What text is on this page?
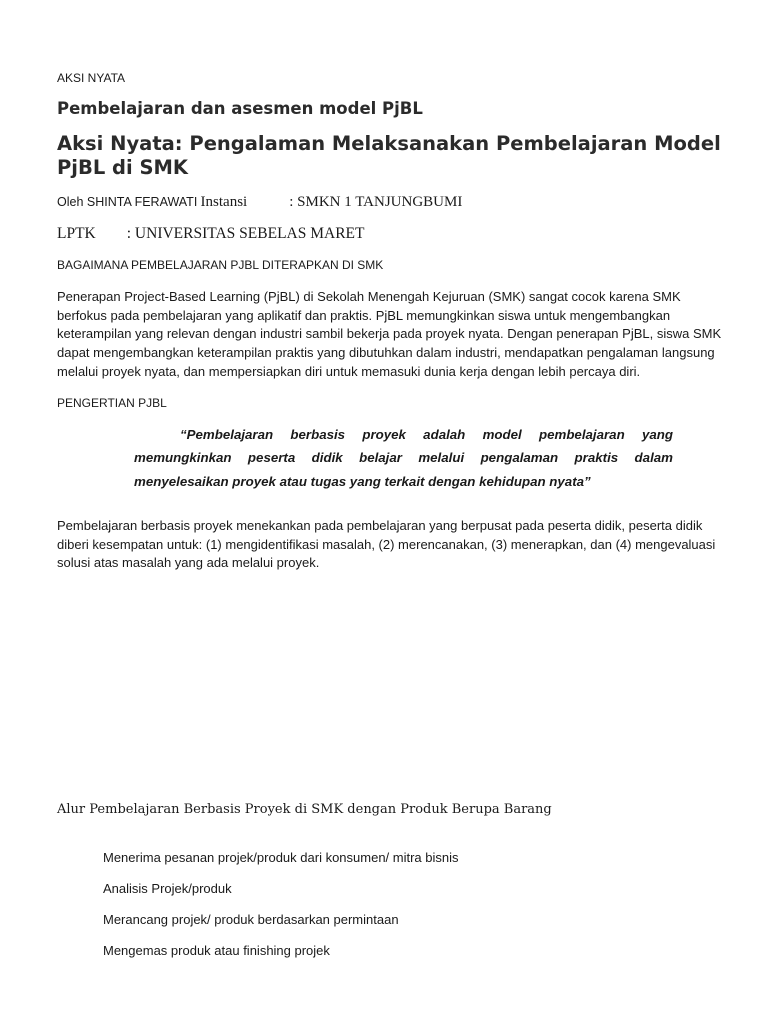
AKSI NYATA
Pembelajaran dan asesmen model PjBL
Aksi Nyata: Pengalaman Melaksanakan Pembelajaran Model PjBL di SMK
Oleh SHINTA FERAWATI Instansi	: SMKN 1 TANJUNGBUMI
LPTK : UNIVERSITAS SEBELAS MARET
BAGAIMANA PEMBELAJARAN PJBL DITERAPKAN DI SMK
Penerapan Project-Based Learning (PjBL) di Sekolah Menengah Kejuruan (SMK) sangat cocok karena SMK berfokus pada pembelajaran yang aplikatif dan praktis. PjBL memungkinkan siswa untuk mengembangkan keterampilan yang relevan dengan industri sambil bekerja pada proyek nyata. Dengan penerapan PjBL, siswa SMK dapat mengembangkan keterampilan praktis yang dibutuhkan dalam industri, mendapatkan pengalaman langsung melalui proyek nyata, dan mempersiapkan diri untuk memasuki dunia kerja dengan lebih percaya diri.
PENGERTIAN PJBL
“Pembelajaran berbasis proyek adalah model pembelajaran yang memungkinkan peserta didik belajar melalui pengalaman praktis dalam menyelesaikan proyek atau tugas yang terkait dengan kehidupan nyata”
Pembelajaran berbasis proyek menekankan pada pembelajaran yang berpusat pada peserta didik, peserta didik diberi kesempatan untuk: (1) mengidentifikasi masalah, (2) merencanakan, (3) menerapkan, dan (4) mengevaluasi solusi atas masalah yang ada melalui proyek.
Alur Pembelajaran Berbasis Proyek di SMK dengan Produk Berupa Barang
Menerima pesanan projek/produk dari konsumen/ mitra bisnis
Analisis Projek/produk
Merancang projek/ produk berdasarkan permintaan
Mengemas produk atau finishing projek
